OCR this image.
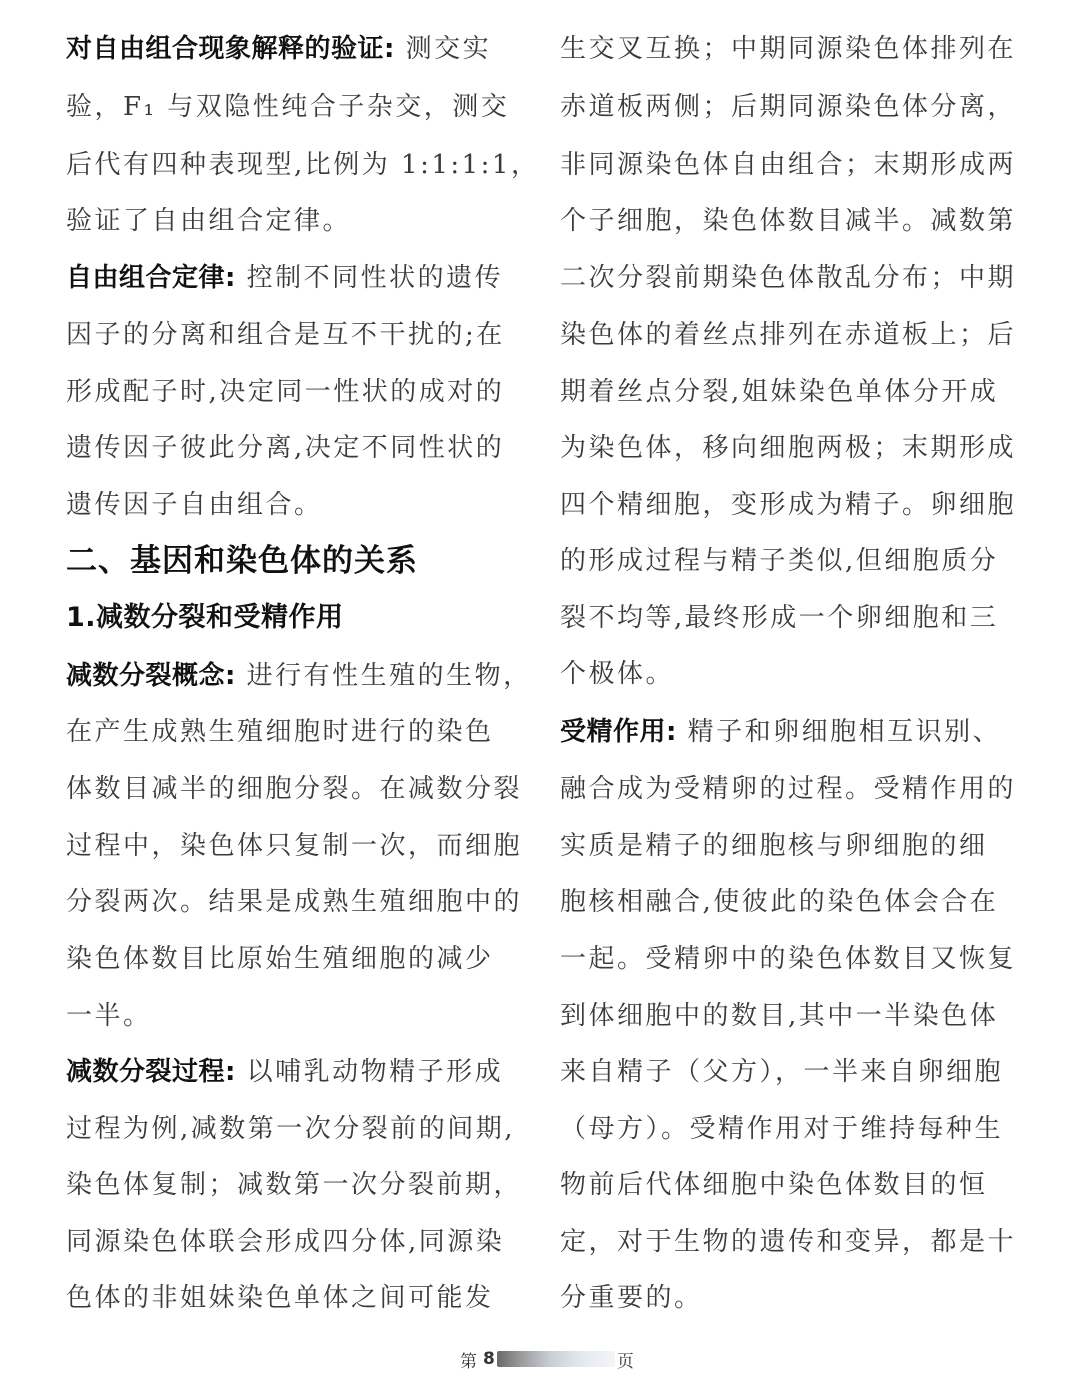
对自由组合现象解释的验证: 测交实
验，F₁ 与双隐性纯合子杂交，测交
后代有四种表现型,比例为 1:1:1:1，
验证了自由组合定律。
自由组合定律: 控制不同性状的遗传
因子的分离和组合是互不干扰的;在
形成配子时,决定同一性状的成对的
遗传因子彼此分离,决定不同性状的
遗传因子自由组合。
二、基因和染色体的关系
1.减数分裂和受精作用
减数分裂概念: 进行有性生殖的生物，
在产生成熟生殖细胞时进行的染色
体数目减半的细胞分裂。在减数分裂
过程中，染色体只复制一次，而细胞
分裂两次。结果是成熟生殖细胞中的
染色体数目比原始生殖细胞的减少
一半。
减数分裂过程: 以哺乳动物精子形成
过程为例,减数第一次分裂前的间期,
染色体复制；减数第一次分裂前期，
同源染色体联会形成四分体,同源染
色体的非姐妹染色单体之间可能发
生交叉互换；中期同源染色体排列在
赤道板两侧；后期同源染色体分离，
非同源染色体自由组合；末期形成两
个子细胞，染色体数目减半。减数第
二次分裂前期染色体散乱分布；中期
染色体的着丝点排列在赤道板上；后
期着丝点分裂,姐妹染色单体分开成
为染色体，移向细胞两极；末期形成
四个精细胞，变形成为精子。卵细胞
的形成过程与精子类似,但细胞质分
裂不均等,最终形成一个卵细胞和三
个极体。
受精作用: 精子和卵细胞相互识别、
融合成为受精卵的过程。受精作用的
实质是精子的细胞核与卵细胞的细
胞核相融合,使彼此的染色体会合在
一起。受精卵中的染色体数目又恢复
到体细胞中的数目,其中一半染色体
来自精子（父方），一半来自卵细胞
（母方）。受精作用对于维持每种生
物前后代体细胞中染色体数目的恒
定，对于生物的遗传和变异，都是十
分重要的。
第 8	页
